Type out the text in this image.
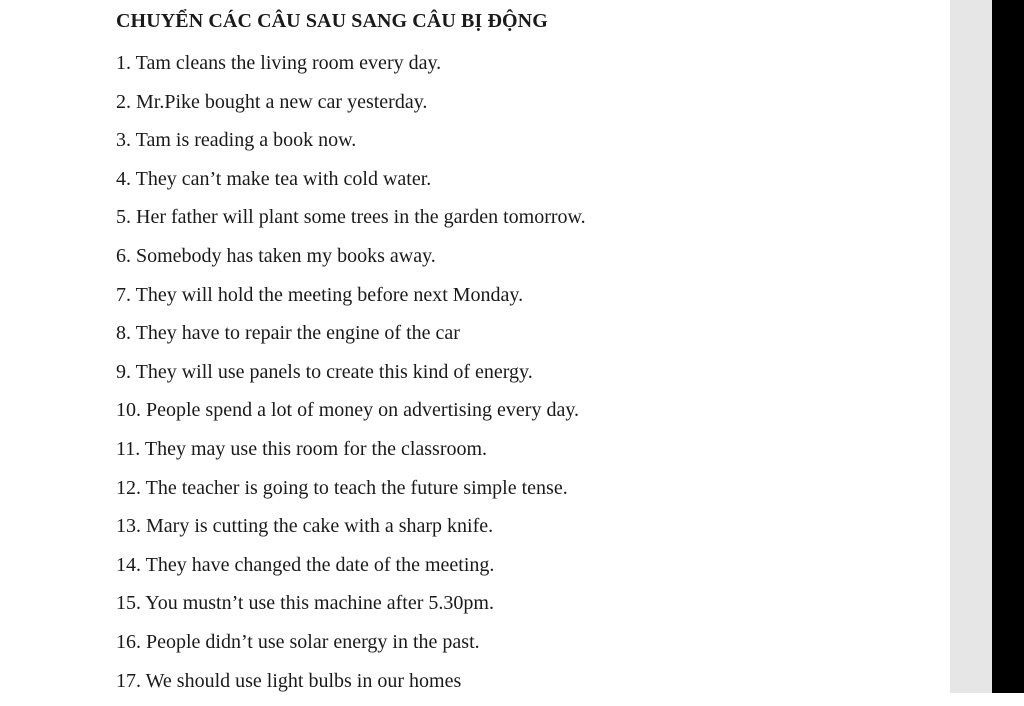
CHUYỂN CÁC CÂU SAU SANG CÂU BỊ ĐỘNG
1. Tam cleans the living room every day.
2. Mr.Pike bought a new car yesterday.
3. Tam is reading a book now.
4. They can’t make tea with cold water.
5. Her father will plant some trees in the garden tomorrow.
6. Somebody has taken my books away.
7. They will hold the meeting before next Monday.
8. They have to repair the engine of the car
9. They will use panels to create this kind of energy.
10. People spend a lot of money on advertising every day.
11. They may use this room for the classroom.
12. The teacher is going to teach the future simple tense.
13. Mary is cutting the cake with a sharp knife.
14. They have changed the date of the meeting.
15. You mustn’t use this machine after 5.30pm.
16. People didn’t use solar energy in the past.
17. We should use light bulbs in our homes
